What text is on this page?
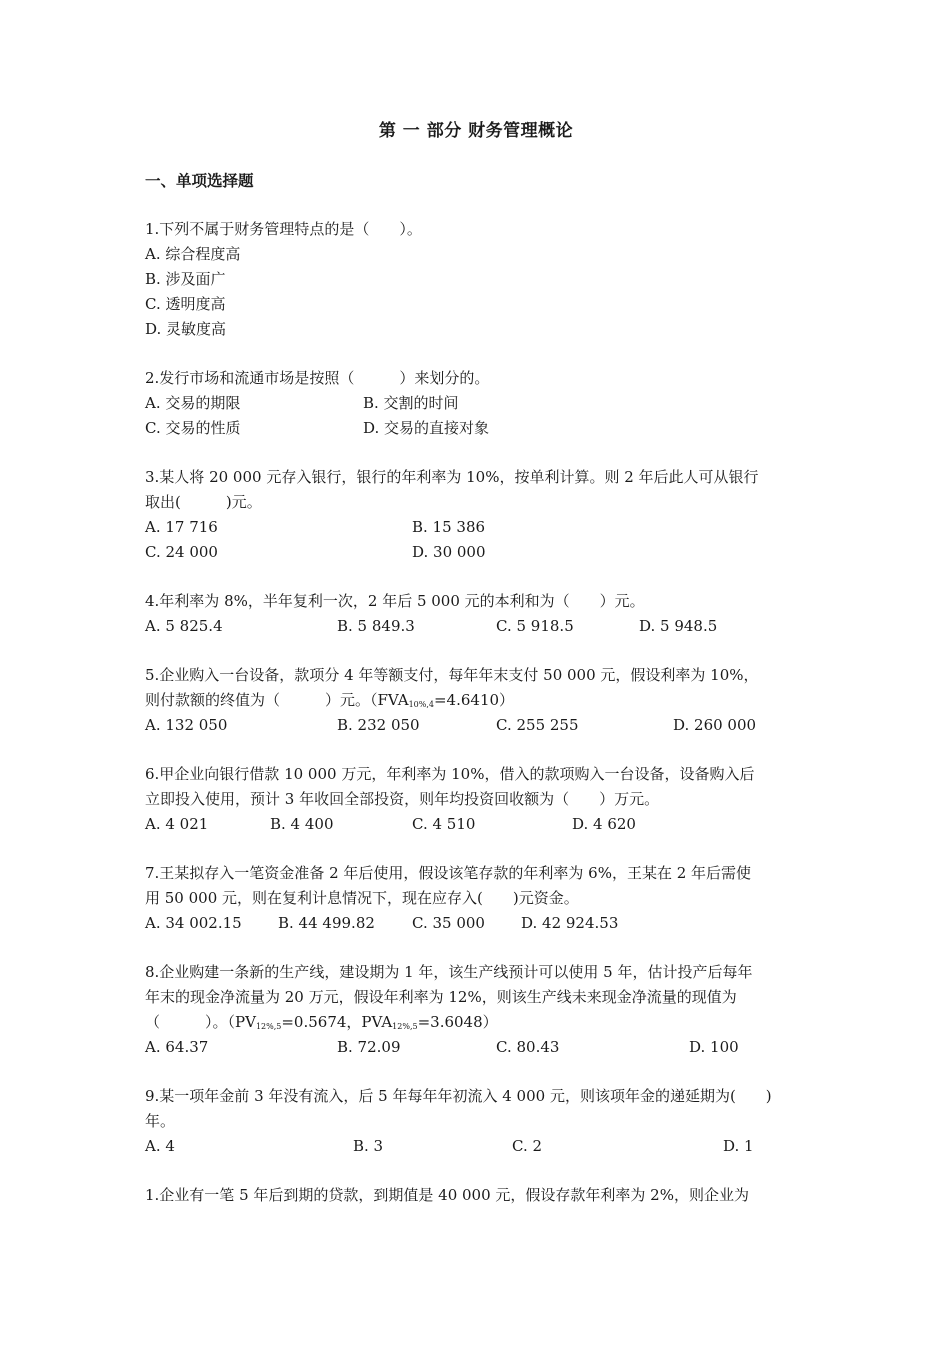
第 一 部分 财务管理概论
一、单项选择题
1.下列不属于财务管理特点的是（　　）。
A. 综合程度高
B. 涉及面广
C. 透明度高
D. 灵敏度高
2.发行市场和流通市场是按照（　　　）来划分的。
A. 交易的期限	B. 交割的时间
C. 交易的性质	D. 交易的直接对象
3.某人将 20 000 元存入银行，银行的年利率为 10%，按单利计算。则 2 年后此人可从银行
取出(　　　)元。
A. 17 716	B. 15 386
C. 24 000	D. 30 000
4.年利率为 8%，半年复利一次，2 年后 5 000 元的本利和为（　　）元。
A. 5 825.4	B. 5 849.3	C. 5 918.5	D. 5 948.5
5.企业购入一台设备，款项分 4 年等额支付，每年年末支付 50 000 元，假设利率为 10%，
则付款额的终值为（　　　）元。$(FVA_{10\%,4}=4.6410)$
A. 132 050	B. 232 050	C. 255 255	D. 260 000
6.甲企业向银行借款 10 000 万元，年利率为 10%，借入的款项购入一台设备，设备购入后
立即投入使用，预计 3 年收回全部投资，则年均投资回收额为（　　）万元。
A. 4 021	B. 4 400	C. 4 510	D. 4 620
7.王某拟存入一笔资金准备 2 年后使用，假设该笔存款的年利率为 6%，王某在 2 年后需使
用 50 000 元，则在复利计息情况下，现在应存入(　　)元资金。
A. 34 002.15 B. 44 499.82 C. 35 000 D. 42 924.53
8.企业购建一条新的生产线，建设期为 1 年，该生产线预计可以使用 5 年，估计投产后每年
年末的现金净流量为 20 万元，假设年利率为 12%，则该生产线未来现金净流量的现值为
（　　　）。（$PV_{12\%,5}=0.5674$，$PVA_{12\%,5}=3.6048$）
A. 64.37	B. 72.09	C. 80.43	D. 100
9.某一项年金前 3 年没有流入，后 5 年每年年初流入 4 000 元，则该项年金的递延期为(　　)
年。
A. 4	B. 3	C. 2	D. 1
1.企业有一笔 5 年后到期的贷款，到期值是 40 000 元，假设存款年利率为 2%，则企业为
